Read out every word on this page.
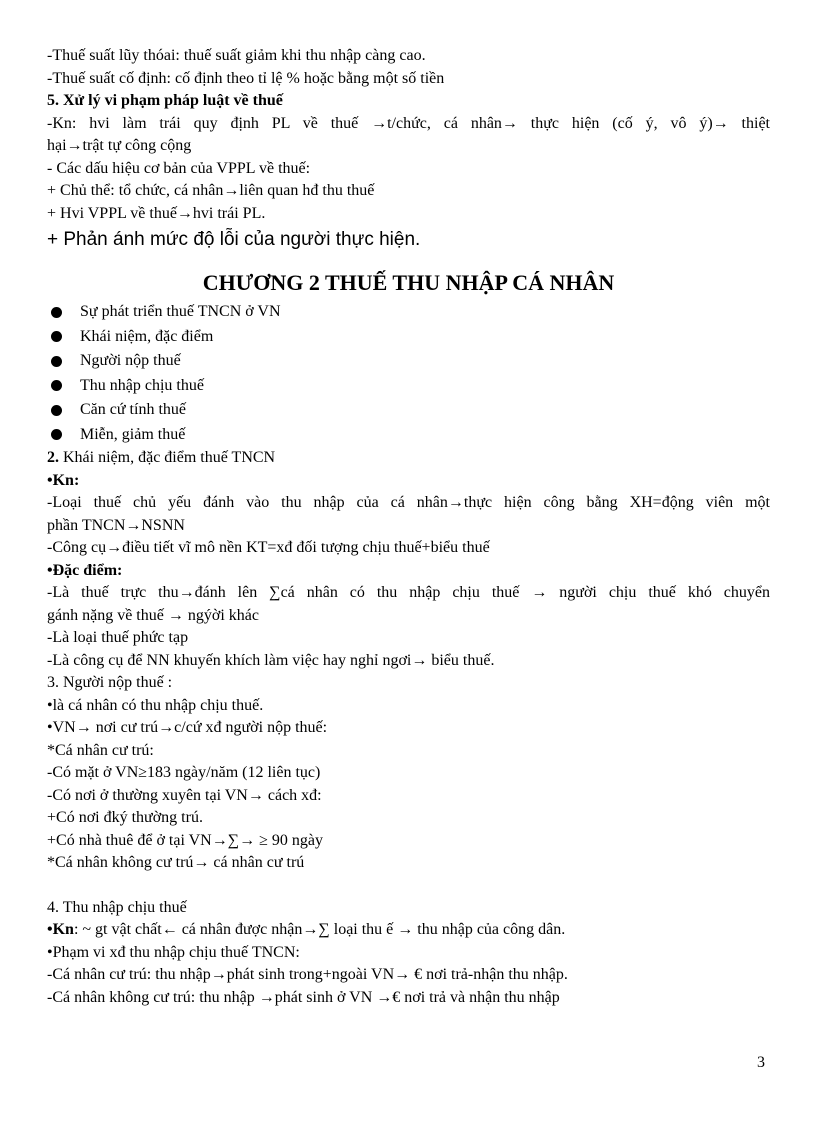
-Thuế suất lũy thóai: thuế suất giảm khi thu nhập càng cao.
-Thuế suất cố định: cố định theo tỉ lệ % hoặc bằng một số tiền
5. Xử lý vi phạm pháp luật về thuế
-Kn: hvi làm trái quy định PL về thuế →t/chức, cá nhân→ thực hiện (cố ý, vô ý)→ thiệt
hại→trật tự công cộng
- Các dấu hiệu cơ bản của VPPL về thuế:
+ Chủ thể: tổ chức, cá nhân→liên quan hđ thu thuế
+ Hvi VPPL về thuế→hvi trái PL.
+ Phản ánh mức độ lỗi của người thực hiện.
CHƯƠNG 2 THUẾ THU NHẬP CÁ NHÂN
Sự phát triển thuế TNCN ở VN
Khái niệm, đặc điểm
Người nộp thuế
Thu nhập chịu thuế
Căn cứ tính thuế
Miễn, giảm thuế
2. Khái niệm, đặc điểm thuế TNCN
•Kn:
-Loại thuế chủ yếu đánh vào thu nhập của cá nhân→thực hiện công bằng XH=động viên một
phần TNCN→NSNN
-Công cụ→điều tiết vĩ mô nền KT=xđ đối tượng chịu thuế+biểu thuế
•Đặc điểm:
-Là thuế trực thu→đánh lên ∑cá nhân có thu nhập chịu thuế → người chịu thuế khó chuyển
gánh nặng về thuế → ngýời khác
-Là loại thuế phức tạp
-Là công cụ để NN khuyến khích làm việc hay nghỉ ngơi→ biểu thuế.
3. Người nộp thuế :
•là cá nhân có thu nhập chịu thuế.
•VN→ nơi cư trú→c/cứ xđ người nộp thuế:
*Cá nhân cư trú:
-Có mặt ở VN≥183 ngày/năm (12 liên tục)
-Có nơi ở thường xuyên tại VN→ cách xđ:
+Có nơi đký thường trú.
+Có nhà thuê để ở tại VN→∑→ ≥ 90 ngày
*Cá nhân không cư trú→ cá nhân cư trú
4. Thu nhập chịu thuế
•Kn: ~ gt vật chất← cá nhân được nhận→∑ loại thu ế → thu nhập của công dân.
•Phạm vi xđ thu nhập chịu thuế TNCN:
-Cá nhân cư trú: thu nhập→phát sinh trong+ngoài VN→ € nơi trả-nhận thu nhập.
-Cá nhân không cư trú: thu nhập →phát sinh ở VN →€ nơi trả và nhận thu nhập
3
